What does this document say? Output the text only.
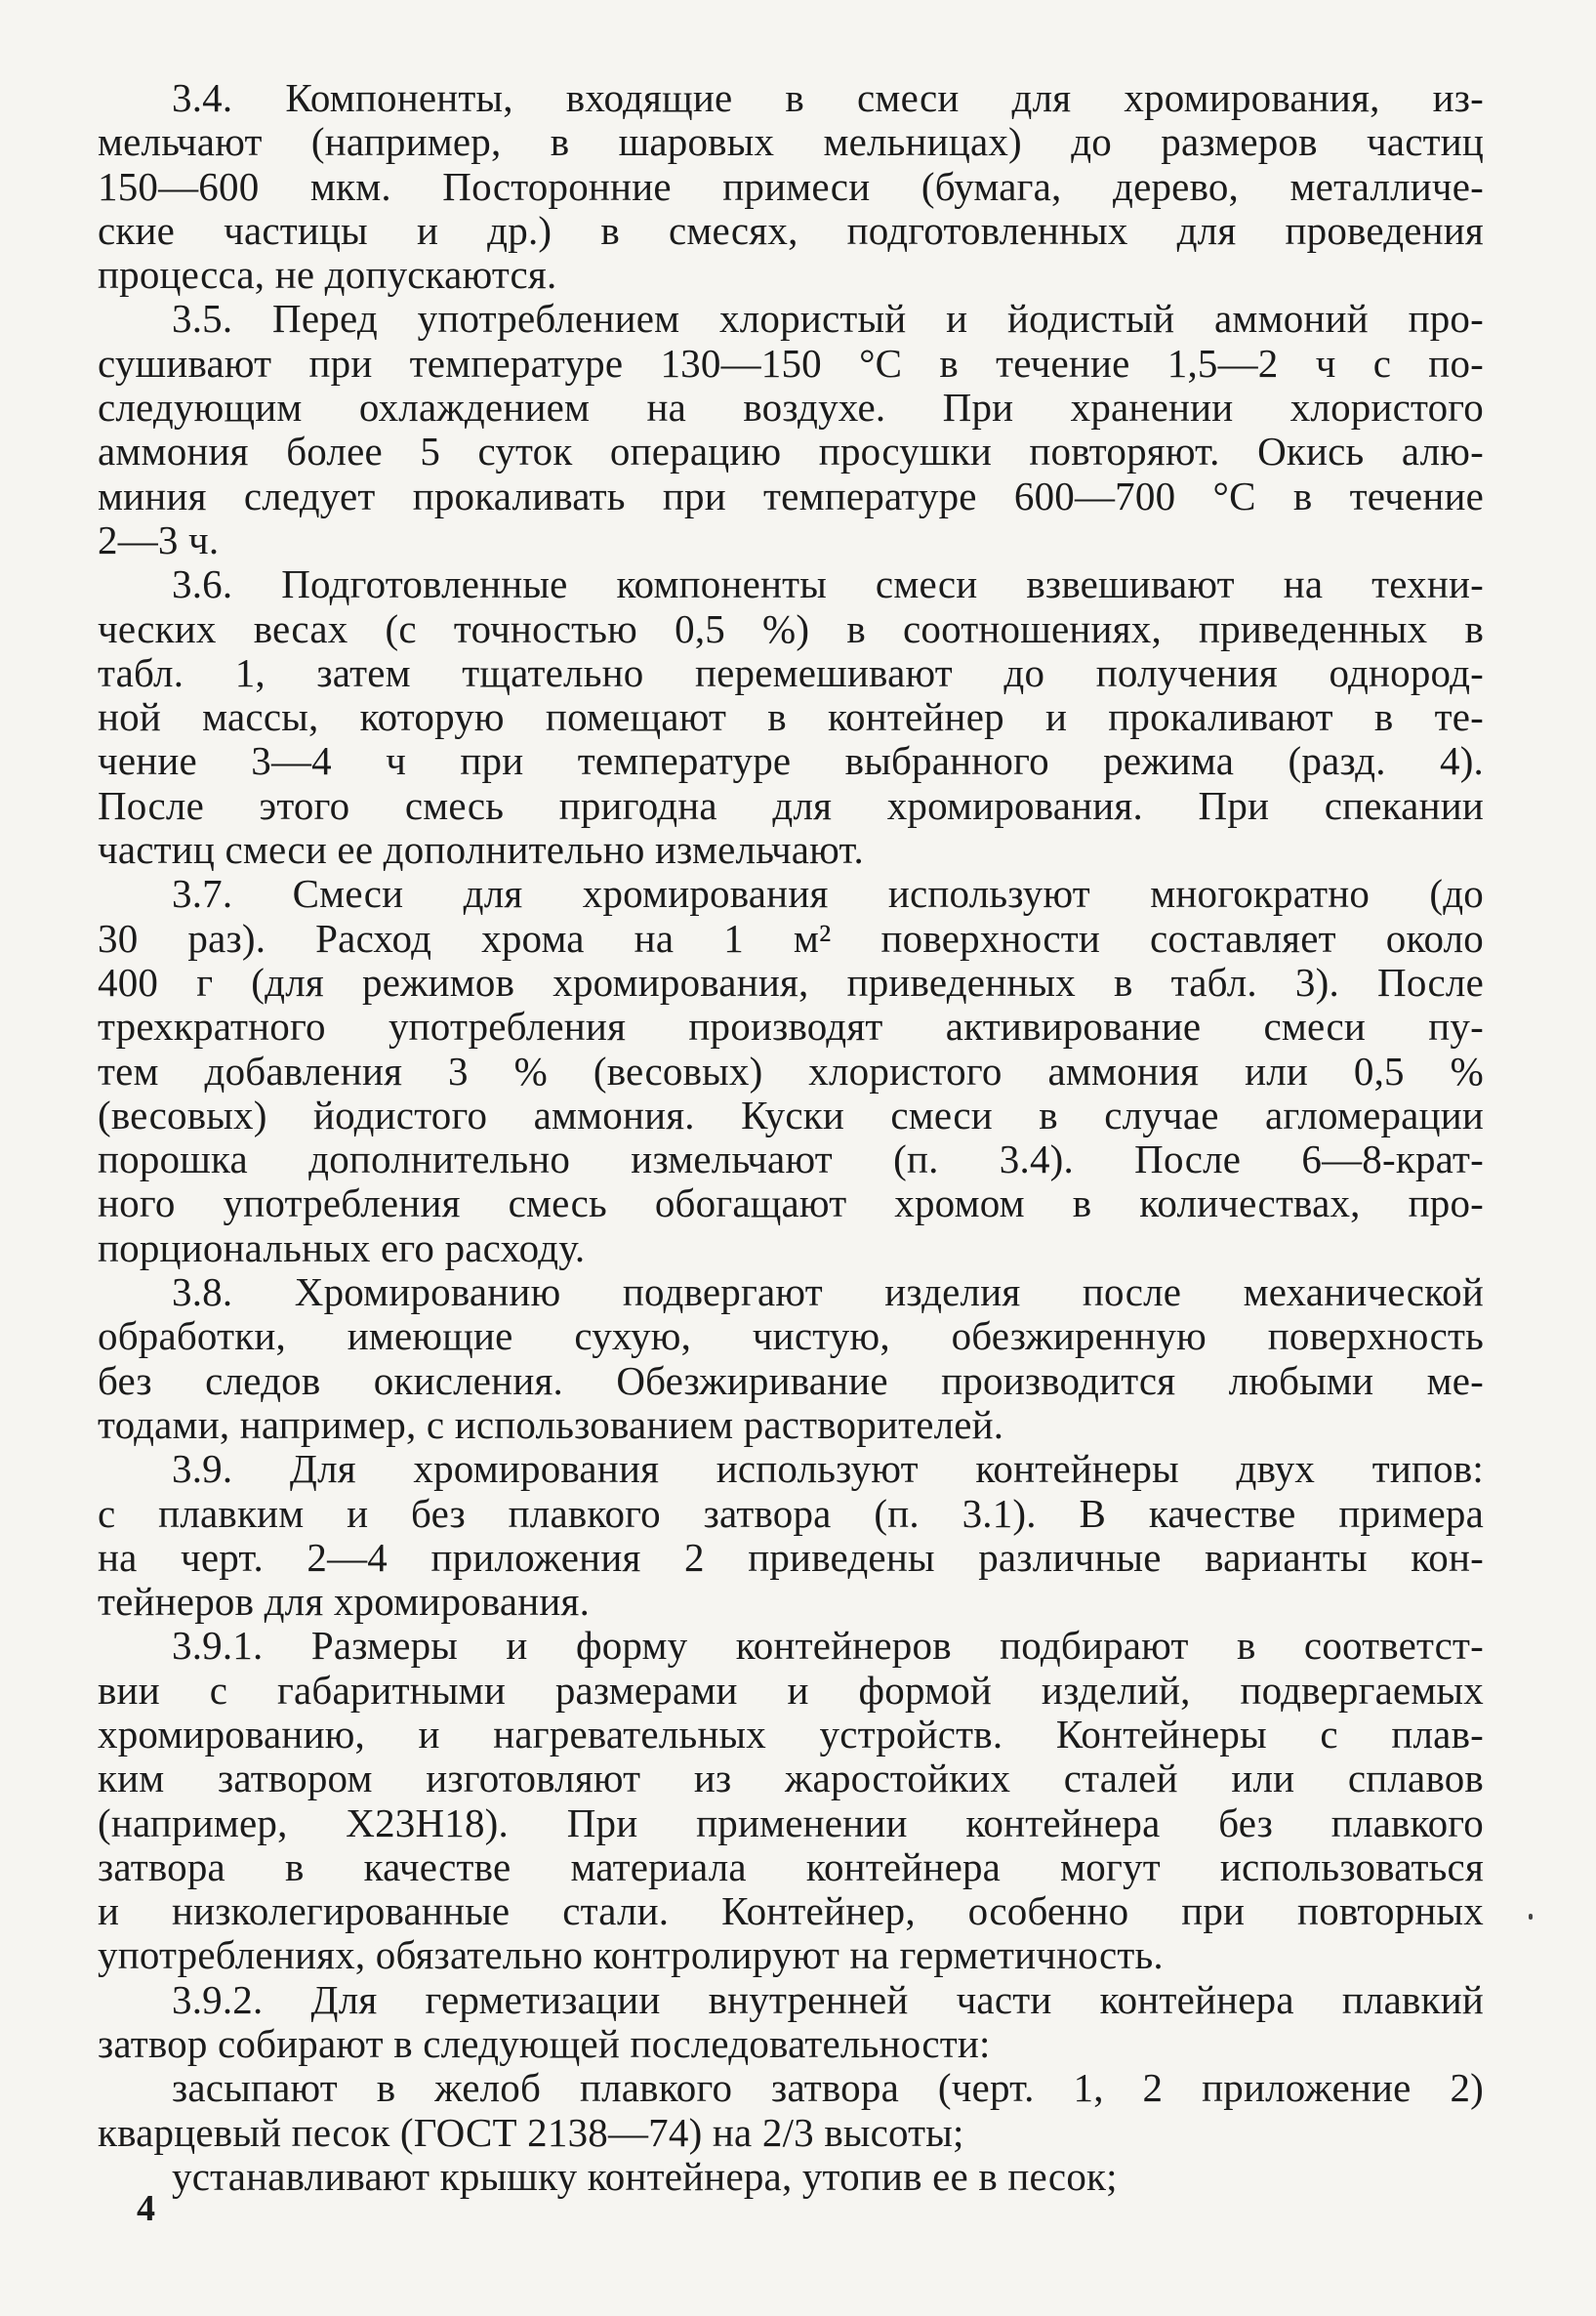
3.4. Компоненты, входящие в смеси для хромирования, из-
мельчают (например, в шаровых мельницах) до размеров частиц
150—600 мкм. Посторонние примеси (бумага, дерево, металличе-
ские частицы и др.) в смесях, подготовленных для проведения
процесса, не допускаются.
3.5. Перед употреблением хлористый и йодистый аммоний про-
сушивают при температуре 130—150 °С в течение 1,5—2 ч с по-
следующим охлаждением на воздухе. При хранении хлористого
аммония более 5 суток операцию просушки повторяют. Окись алю-
миния следует прокаливать при температуре 600—700 °С в течение
2—3 ч.
3.6. Подготовленные компоненты смеси взвешивают на техни-
ческих весах (с точностью 0,5 %) в соотношениях, приведенных в
табл. 1, затем тщательно перемешивают до получения однород-
ной массы, которую помещают в контейнер и прокаливают в те-
чение 3—4 ч при температуре выбранного режима (разд. 4).
После этого смесь пригодна для хромирования. При спекании
частиц смеси ее дополнительно измельчают.
3.7. Смеси для хромирования используют многократно (до
30 раз). Расход хрома на 1 м² поверхности составляет около
400 г (для режимов хромирования, приведенных в табл. 3). После
трехкратного употребления производят активирование смеси пу-
тем добавления 3 % (весовых) хлористого аммония или 0,5 %
(весовых) йодистого аммония. Куски смеси в случае агломерации
порошка дополнительно измельчают (п. 3.4). После 6—8-крат-
ного употребления смесь обогащают хромом в количествах, про-
порциональных его расходу.
3.8. Хромированию подвергают изделия после механической
обработки, имеющие сухую, чистую, обезжиренную поверхность
без следов окисления. Обезжиривание производится любыми ме-
тодами, например, с использованием растворителей.
3.9. Для хромирования используют контейнеры двух типов:
с плавким и без плавкого затвора (п. 3.1). В качестве примера
на черт. 2—4 приложения 2 приведены различные варианты кон-
тейнеров для хромирования.
3.9.1. Размеры и форму контейнеров подбирают в соответст-
вии с габаритными размерами и формой изделий, подвергаемых
хромированию, и нагревательных устройств. Контейнеры с плав-
ким затвором изготовляют из жаростойких сталей или сплавов
(например, Х23Н18). При применении контейнера без плавкого
затвора в качестве материала контейнера могут использоваться
и низколегированные стали. Контейнер, особенно при повторных
употреблениях, обязательно контролируют на герметичность.
3.9.2. Для герметизации внутренней части контейнера плавкий
затвор собирают в следующей последовательности:
засыпают в желоб плавкого затвора (черт. 1, 2 приложение 2)
кварцевый песок (ГОСТ 2138—74) на 2/3 высоты;
устанавливают крышку контейнера, утопив ее в песок;
4
